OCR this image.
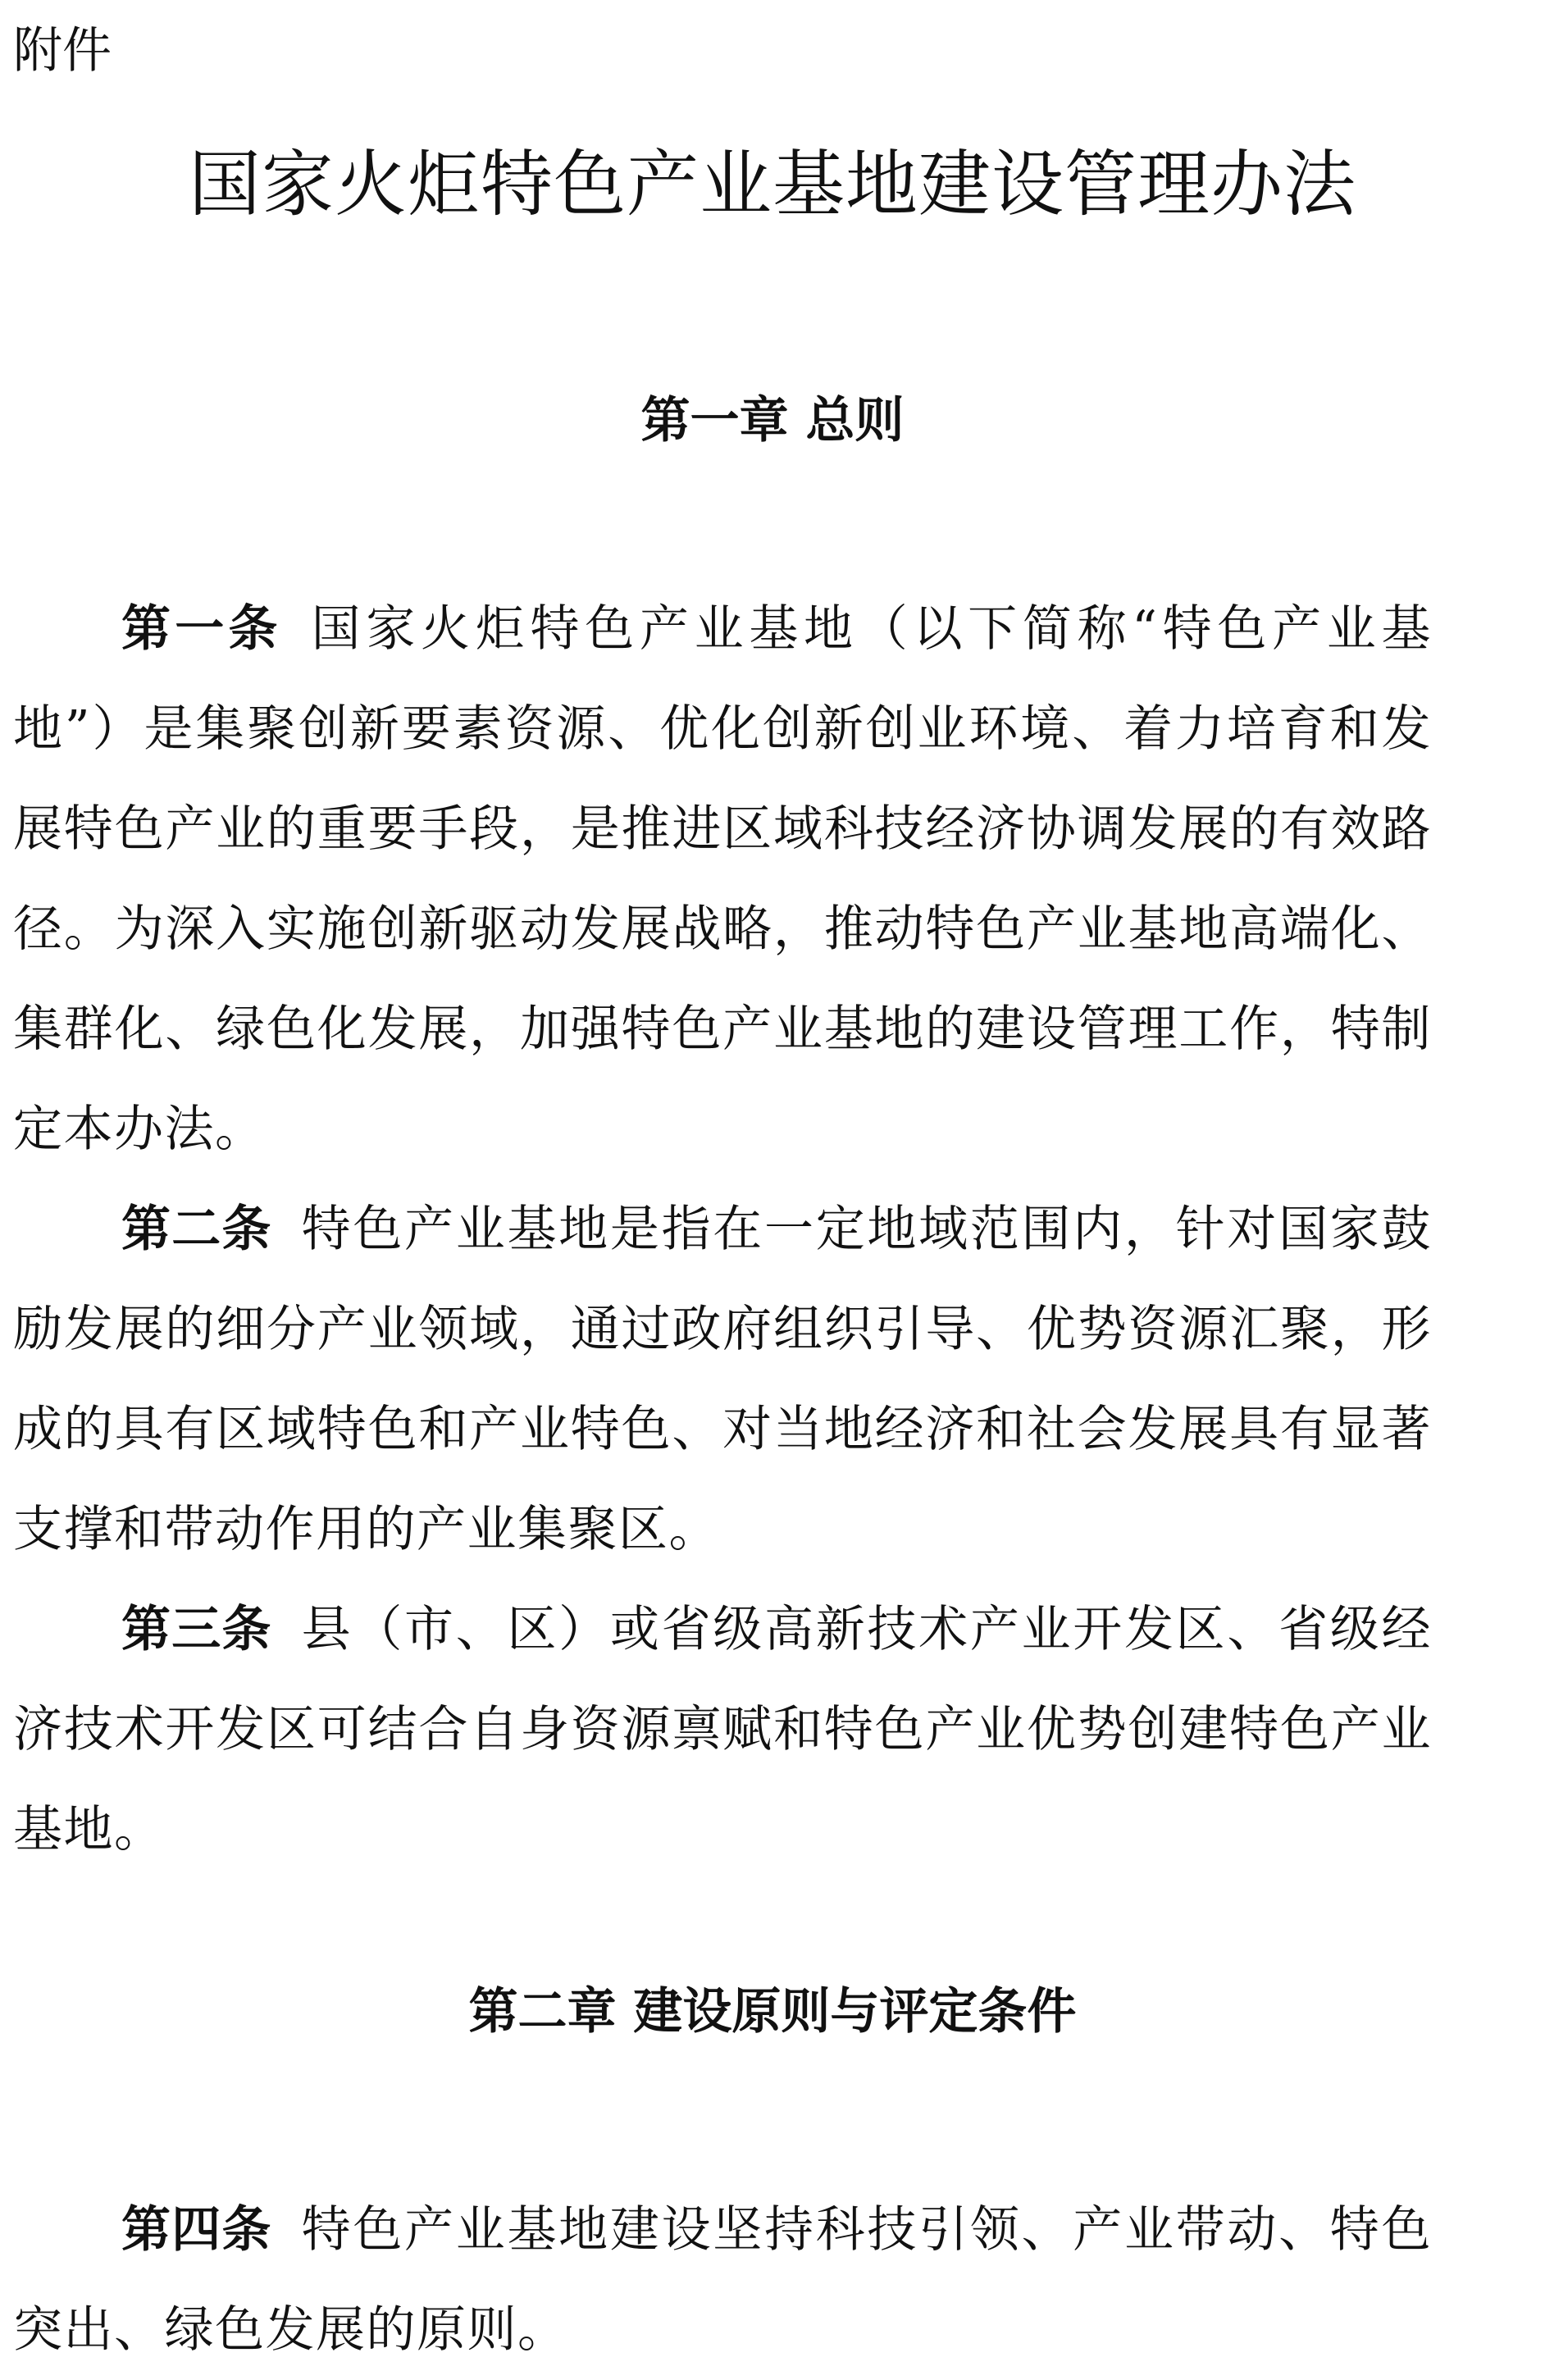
附件
国家火炬特色产业基地建设管理办法
第一章 总则

第一条 国家火炬特色产业基地（以下简称“特色产业基地”）是集聚创新要素资源、优化创新创业环境、着力培育和发展特色产业的重要手段，是推进区域科技经济协调发展的有效路径。为深入实施创新驱动发展战略，推动特色产业基地高端化、集群化、绿色化发展，加强特色产业基地的建设管理工作，特制定本办法。

第二条 特色产业基地是指在一定地域范围内，针对国家鼓励发展的细分产业领域，通过政府组织引导、优势资源汇聚，形成的具有区域特色和产业特色、对当地经济和社会发展具有显著支撑和带动作用的产业集聚区。

第三条 县（市、区）或省级高新技术产业开发区、省级经济技术开发区可结合自身资源禀赋和特色产业优势创建特色产业基地。

第二章 建设原则与评定条件

第四条 特色产业基地建设坚持科技引领、产业带动、特色突出、绿色发展的原则。
